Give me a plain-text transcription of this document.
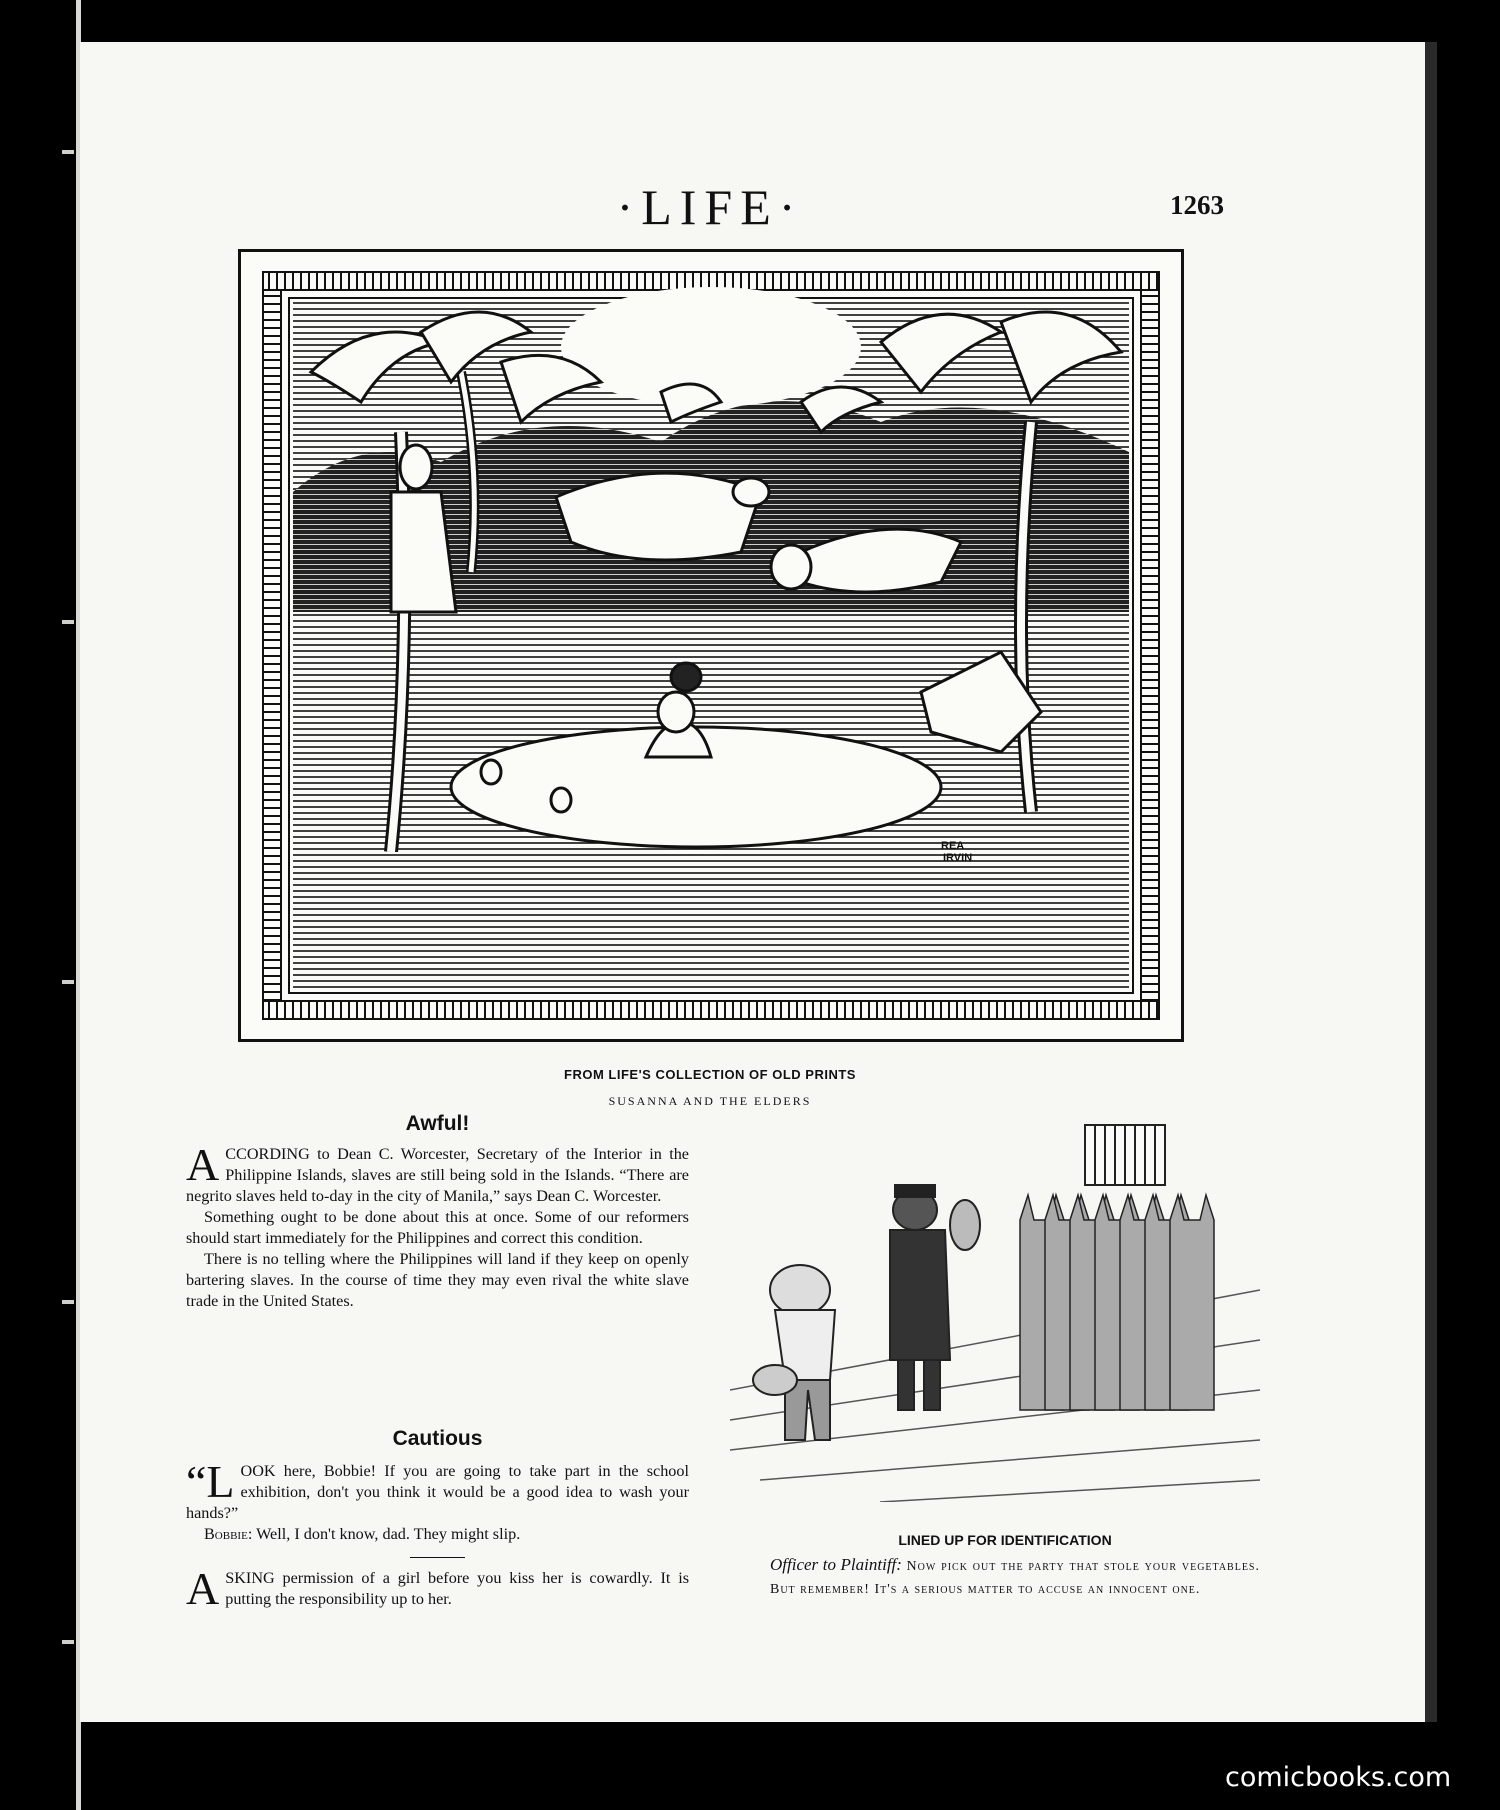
·LIFE·	1263
REA
IRVIN
FROM LIFE'S COLLECTION OF OLD PRINTS
SUSANNA AND THE ELDERS
Awful!

ACCORDING to Dean C. Worcester, Secretary of the Interior in the Philippine Islands, slaves are still being sold in the Islands. “There are negrito slaves held to-day in the city of Manila,” says Dean C. Worcester.

Something ought to be done about this at once. Some of our reformers should start immediately for the Philippines and correct this condition.

There is no telling where the Philippines will land if they keep on openly bartering slaves. In the course of time they may even rival the white slave trade in the United States.

Cautious

“LOOK here, Bobbie! If you are going to take part in the school exhibition, don't you think it would be a good idea to wash your hands?”

Bobbie: Well, I don't know, dad. They might slip.

ASKING permission of a girl before you kiss her is cowardly. It is putting the responsibility up to her.

LINED UP FOR IDENTIFICATION
Officer to Plaintiff: Now pick out the party that stole your vegetables. But remember! It's a serious matter to accuse an innocent one.
comicbooks.com
